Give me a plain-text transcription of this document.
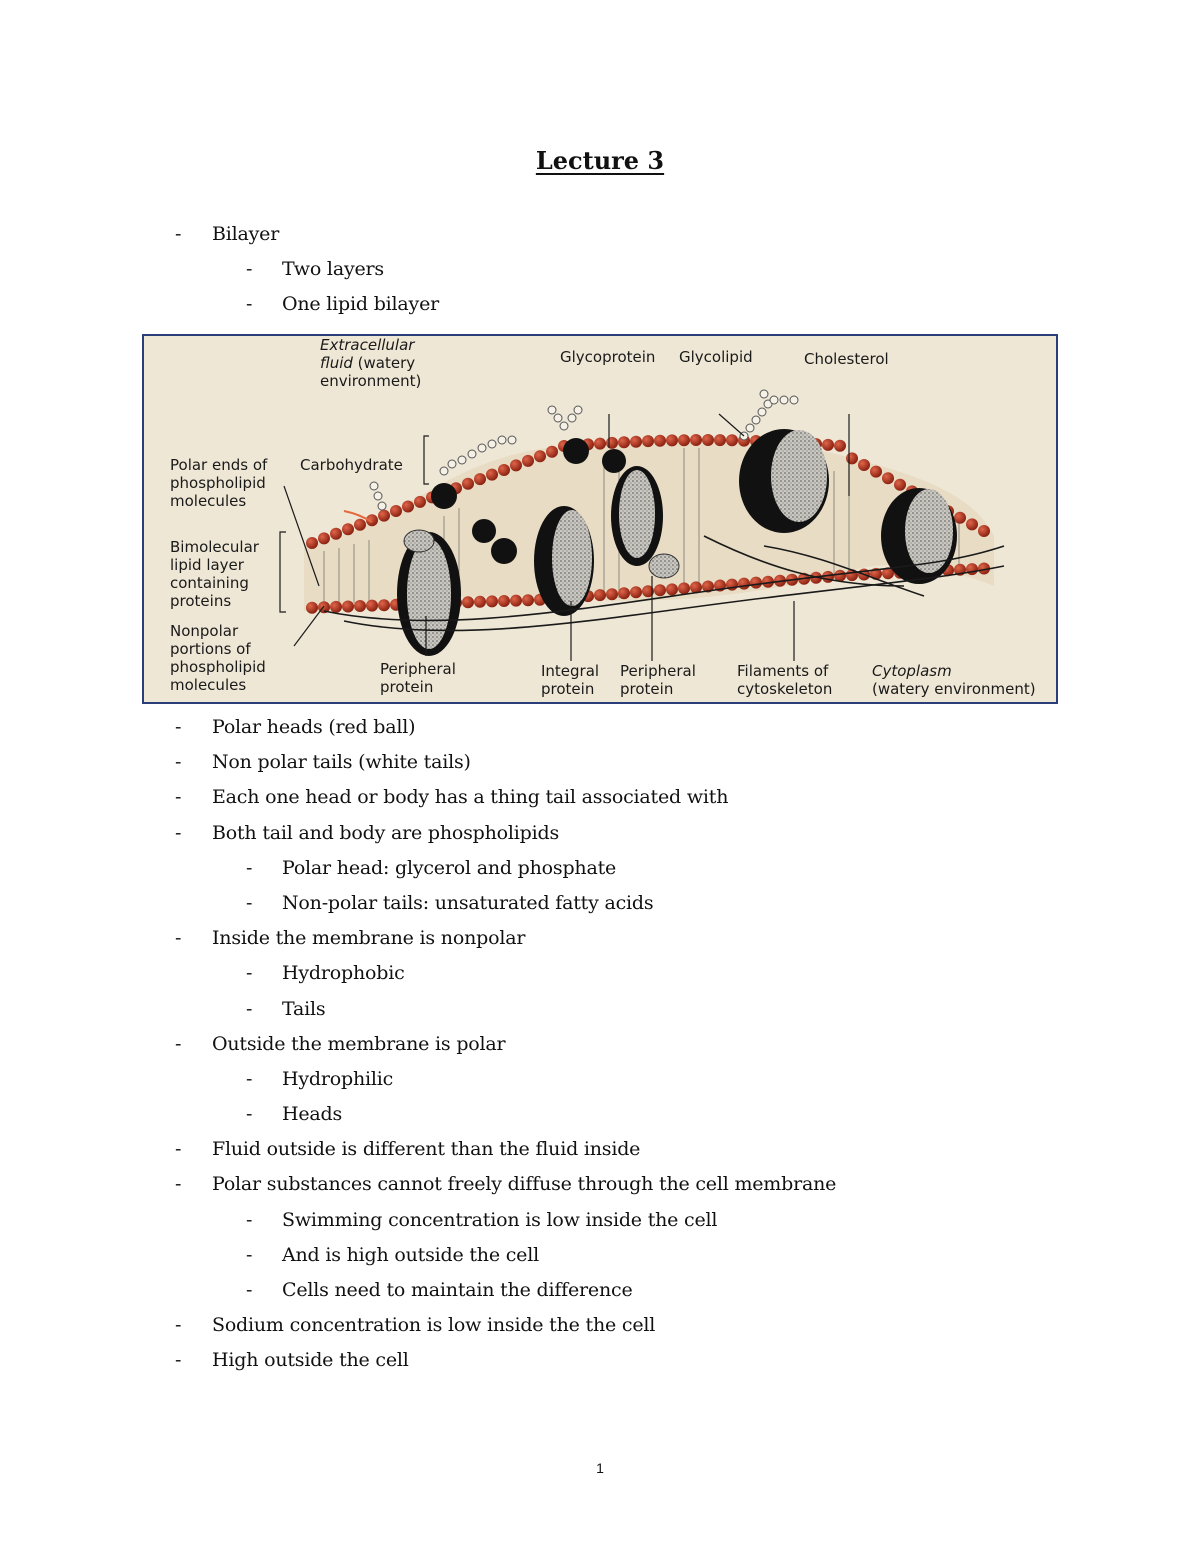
Lecture 3
- Bilayer
- Two layers
- One lipid bilayer
Extracellular
fluid (watery
environment)
Glycoprotein Glycolipid	Cholesterol
Polar ends of
phospholipid
molecules
Carbohydrate
Bimolecular
lipid layer
containing
proteins
Nonpolar
portions of
phospholipid
molecules
Peripheral
protein
Integral
protein
Peripheral
protein
Filaments of
cytoskeleton
Cytoplasm
(watery environment)
- Polar heads (red ball)
- Non polar tails (white tails)
- Each one head or body has a thing tail associated with
- Both tail and body are phospholipids
- Polar head: glycerol and phosphate
- Non-polar tails: unsaturated fatty acids
- Inside the membrane is nonpolar
- Hydrophobic
- Tails
- Outside the membrane is polar
- Hydrophilic
- Heads
- Fluid outside is different than the fluid inside
- Polar substances cannot freely diffuse through the cell membrane
- Swimming concentration is low inside the cell
- And is high outside the cell
- Cells need to maintain the difference
- Sodium concentration is low inside the the cell
- High outside the cell
1
